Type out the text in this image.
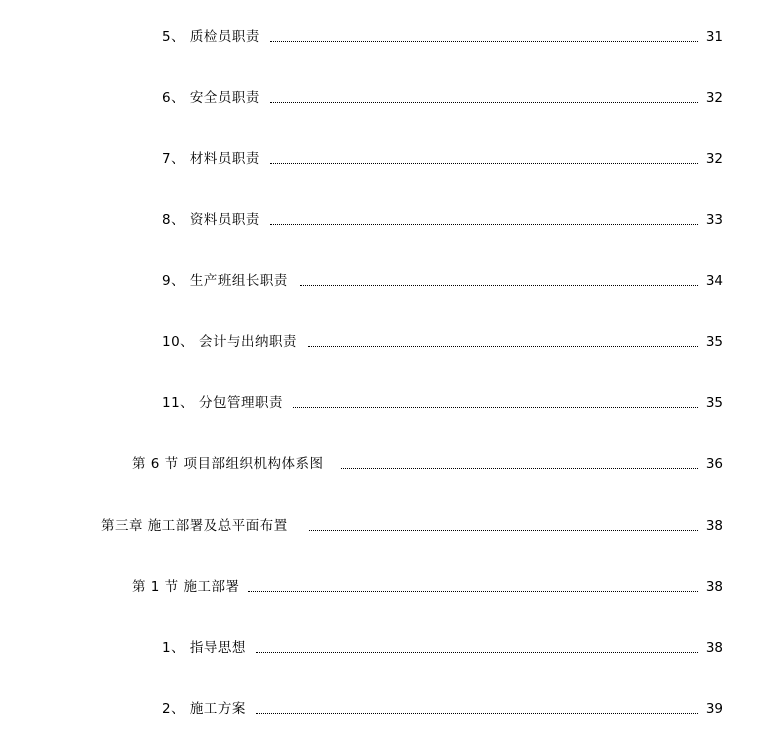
5、 质检员职责	31
6、 安全员职责	32
7、 材料员职责	32
8、 资料员职责	33
9、 生产班组长职责	34
10、 会计与出纳职责	35
11、 分包管理职责	35
第 6 节 项目部组织机构体系图	36
第三章 施工部署及总平面布置	38
第 1 节 施工部署	38
1、 指导思想	38
2、 施工方案	39
